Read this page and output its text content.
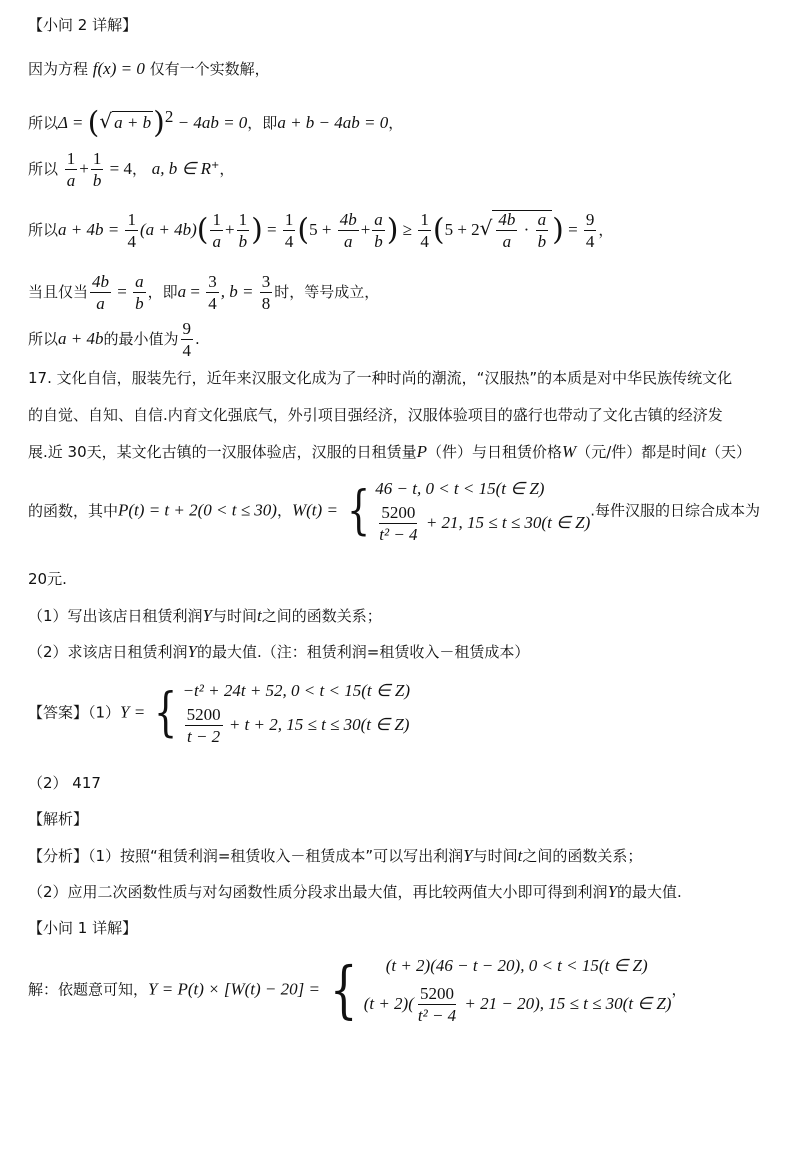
【小问 2 详解】
因为方程 f(x) = 0 仅有一个实数解，
所以Δ = (√ a + b)$^2$ − 4ab = 0，即a + b − 4ab = 0，
所以 $\frac{1}{a} + \frac{1}{b} = 4$， a, b ∈ R+，
所以$a + 4b = \frac{1}{4} (a + 4b)( \frac{1}{a} + \frac{1}{b}$ ) = $\frac{1}{4} (5 + \frac{4b}{a} + \frac{a}{b}$ ) ≥ $\frac{1}{4} (5 + 2√ \frac{4b}{a} \cdot \frac{a}{b}$ ) = $\frac{9}{4}$ ，
当且仅当 $\frac{4b}{a} = \frac{a}{b}$ ，即$a = \frac{3}{4}$ , $b = \frac{3}{8}$ 时，等号成立，
所以a + 4b的最小值为 $\frac{9}{4}$ .
17. 文化自信，服装先行，近年来汉服文化成为了一种时尚的潮流，“汉服热”的本质是对中华民族传统文化
的自觉、自知、自信.内育文化强底气，外引项目强经济，汉服体验项目的盛行也带动了文化古镇的经济发
展.近 30天，某文化古镇的一汉服体验店，汉服的日租赁量P（件）与日租赁价格W（元/件）都是时间t（天）
的函数，其中P(t) = t + 2(0 < t ≤ 30)，W(t) = { 46 − t, 0 < t < 15(t ∈ Z)
$\frac{5200}{\text{t² − 4}} + 21$, 15 ≤ t ≤ 30(t ∈ Z)
.每件汉服的日综合成本为
20元.
（1）写出该店日租赁利润Y与时间t之间的函数关系；
（2）求该店日租赁利润Y的最大值.（注：租赁利润=租赁收入－租赁成本）
【答案】（1）Y = { −t² + 24t + 52, 0 < t < 15(t ∈ Z)
$\frac{5200}{t - 2} + t + 2$, 15 ≤ t ≤ 30(t ∈ Z)
（2） 417
【解析】
【分析】（1）按照“租赁利润=租赁收入－租赁成本”可以写出利润Y与时间t之间的函数关系；
（2）应用二次函数性质与对勾函数性质分段求出最大值，再比较两值大小即可得到利润Y的最大值.
【小问 1 详解】
解：依题意可知，Y = P(t) × [W(t) − 20] = {	(t + 2)(46 − t − 20), 0 < t < 15(t ∈ Z)
$(t + 2)( \frac{5200}{\text{t² − 4}} + 21 - 20)$, 15 ≤ t ≤ 30(t ∈ Z)
，
